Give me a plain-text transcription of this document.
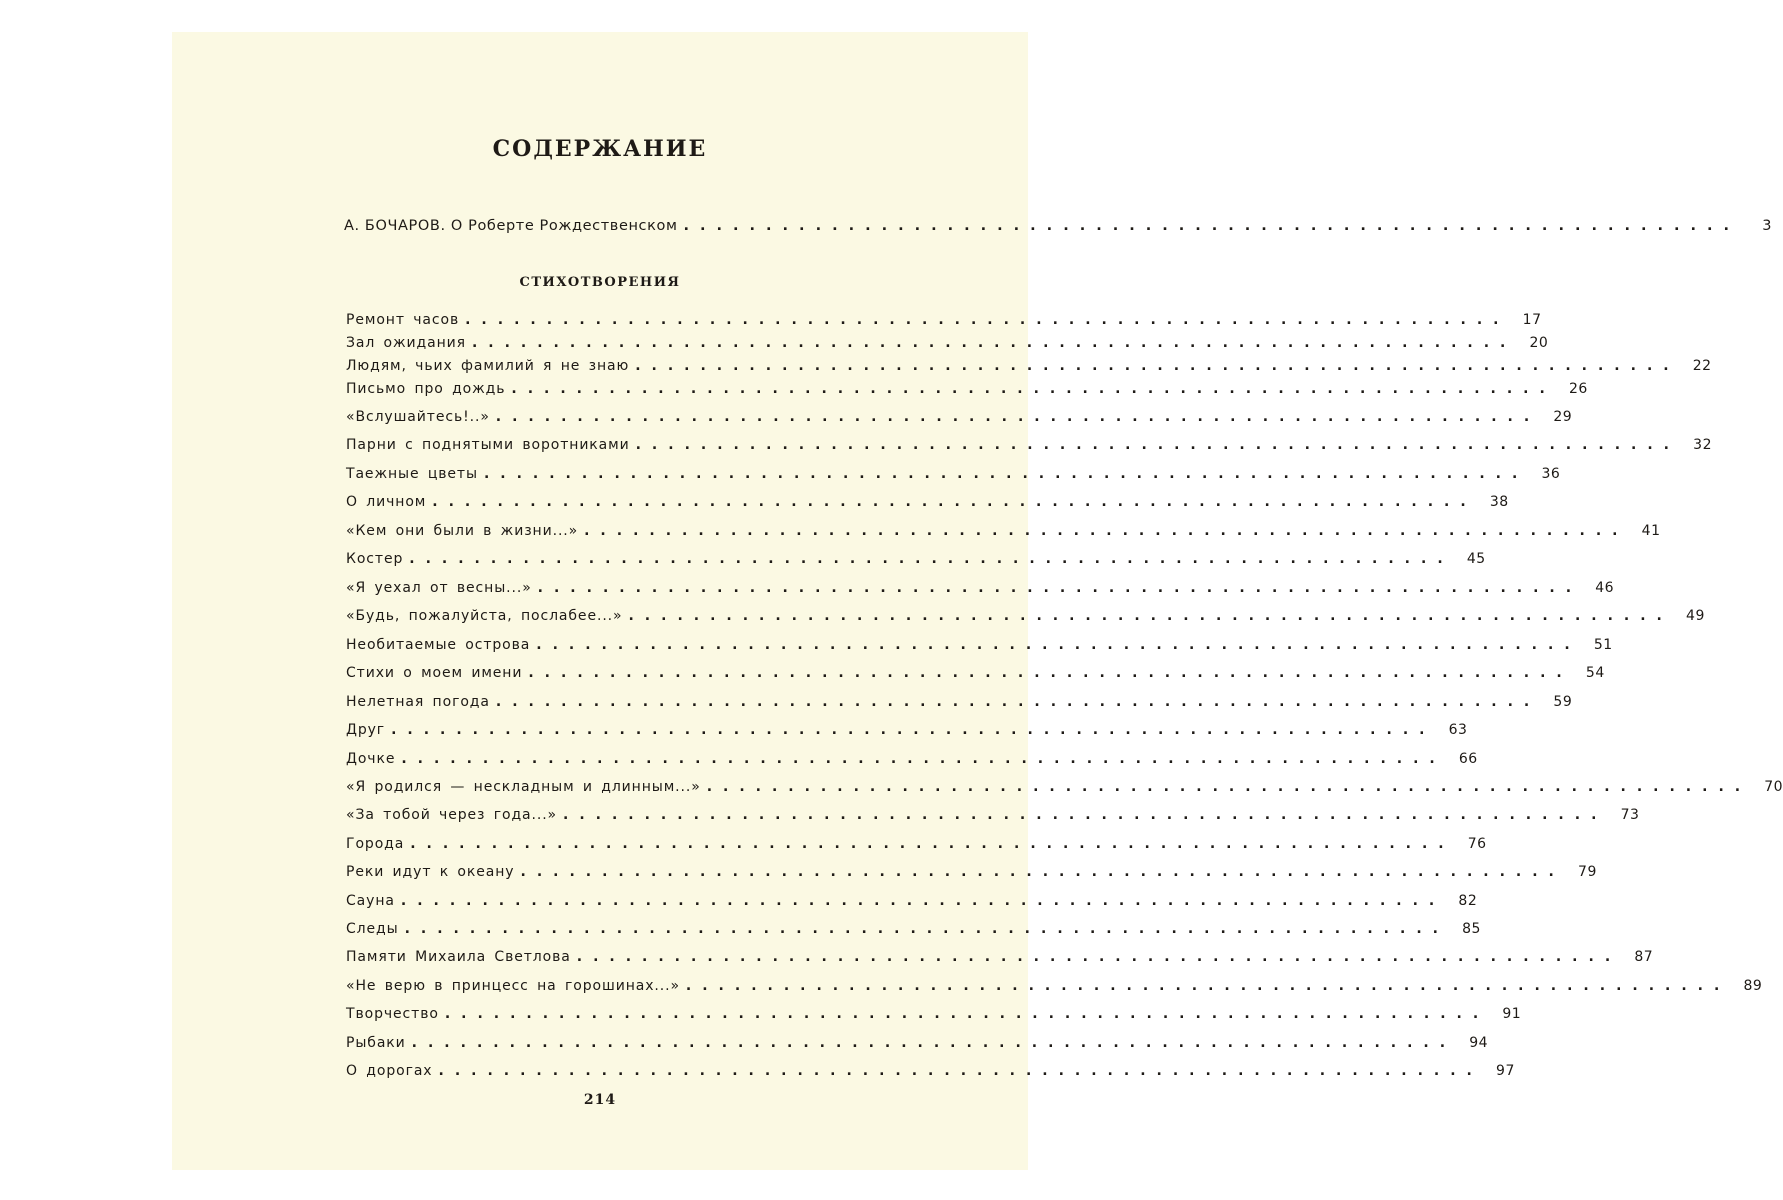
СОДЕРЖАНИЕ
А. БОЧАРОВ. О Роберте Рождественском ................................................................	3
СТИХОТВОРЕНИЯ
Ремонт часов ................................................................ 17
Зал ожидания ................................................................ 20
Людям, чьих фамилий я не знаю ................................................................ 22
Письмо про дождь ................................................................ 26
«Вслушайтесь!..» ................................................................ 29
Парни с поднятыми воротниками ................................................................ 32
Таежные цветы ................................................................ 36
О личном ................................................................ 38
«Кем они были в жизни...» ................................................................ 41
Костер ................................................................ 45
«Я уехал от весны...» ................................................................ 46
«Будь, пожалуйста, послабее...» ................................................................ 49
Необитаемые острова ................................................................ 51
Стихи о моем имени ................................................................ 54
Нелетная погода ................................................................ 59
Друг ................................................................ 63
Дочке ................................................................ 66
«Я родился — нескладным и длинным...» ................................................................ 70
«За тобой через года...» ................................................................ 73
Города ................................................................ 76
Реки идут к океану ................................................................ 79
Сауна ................................................................ 82
Следы ................................................................ 85
Памяти Михаила Светлова ................................................................ 87
«Не верю в принцесс на горошинах...» ................................................................ 89
Творчество ................................................................ 91
Рыбаки ................................................................ 94
О дорогах ................................................................ 97
214
